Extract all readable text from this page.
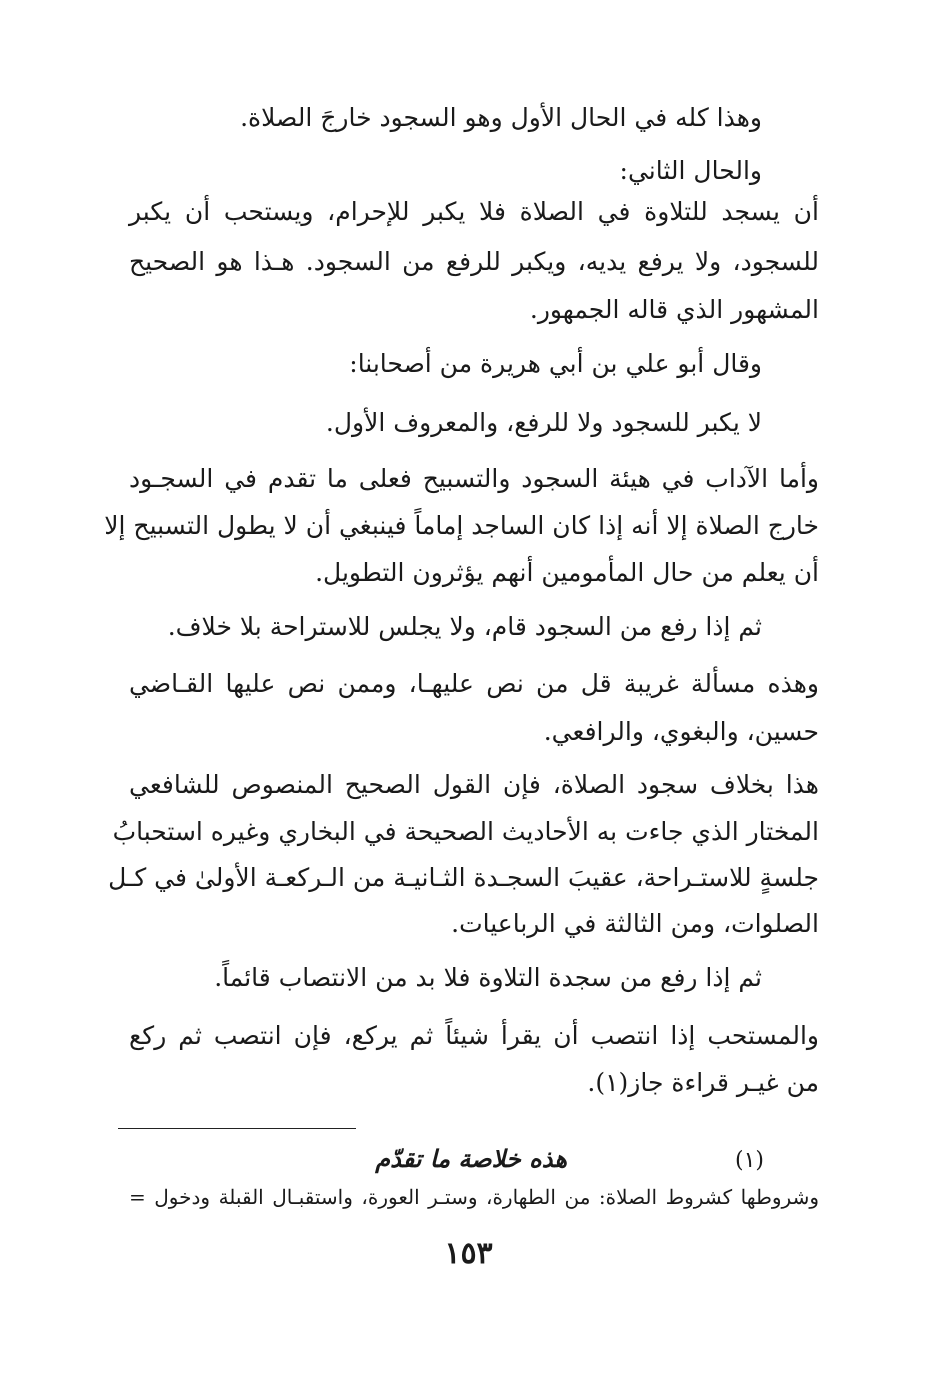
وهذا كله في الحال الأول وهو السجود خارجَ الصلاة.
والحال الثاني:
أن يسجد للتلاوة في الصلاة فلا يكبر للإحرام، ويستحب أن يكبر
للسجود، ولا يرفع يديه، ويكبر للرفع من السجود. هـذا هو الصحيح
المشهور الذي قاله الجمهور.
وقال أبو علي بن أبي هريرة من أصحابنا:
لا يكبر للسجود ولا للرفع، والمعروف الأول.
وأما الآداب في هيئة السجود والتسبيح فعلى ما تقدم في السجـود
خارج الصلاة إلا أنه إذا كان الساجد إماماً فينبغي أن لا يطول التسبيح إلا
أن يعلم من حال المأمومين أنهم يؤثرون التطويل.
ثم إذا رفع من السجود قام، ولا يجلس للاستراحة بلا خلاف.
وهذه مسألة غريبة قل من نص عليهـا، وممن نص عليها القـاضي
حسين، والبغوي، والرافعي.
هذا بخلاف سجود الصلاة، فإن القول الصحيح المنصوص للشافعي
المختار الذي جاءت به الأحاديث الصحيحة في البخاري وغيره استحبابُ
جلسةٍ للاستـراحة، عقيبَ السجـدة الثـانيـة من الـركعـة الأولىٰ في كـل
الصلوات، ومن الثالثة في الرباعيات.
ثم إذا رفع من سجدة التلاوة فلا بد من الانتصاب قائماً.
والمستحب إذا انتصب أن يقرأ شيئاً ثم يركع، فإن انتصب ثم ركع
من غيـر قراءة جاز(١).
(١)
هذه خلاصة ما تقدّم
وشروطها كشروط الصلاة: من الطهارة، وستـر العورة، واستقبـال القبلة ودخول =
١٥٣
